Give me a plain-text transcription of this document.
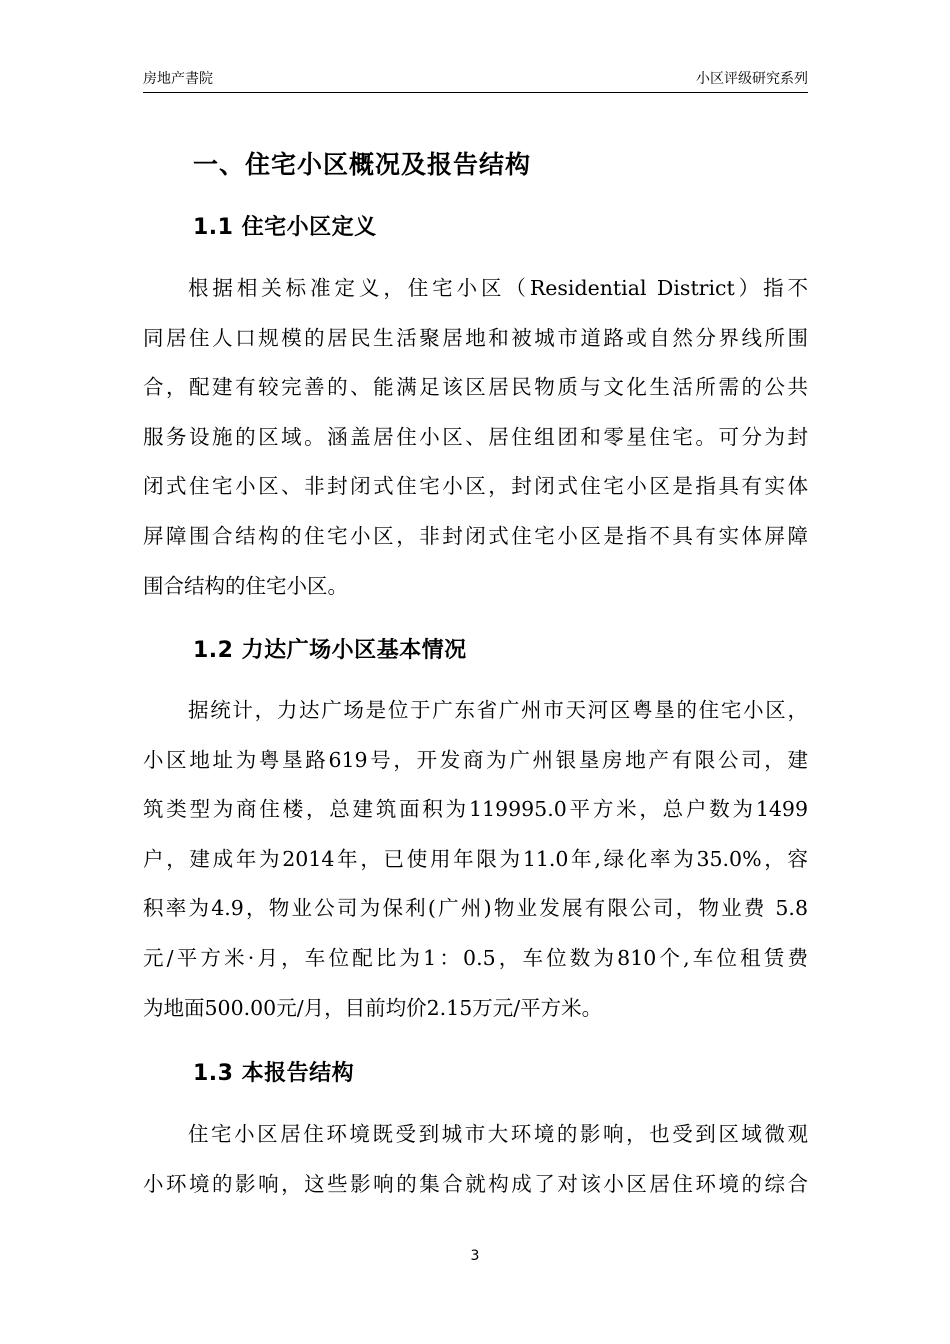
房地产書院	小区评级研究系列
一、住宅小区概况及报告结构
1.1 住宅小区定义
根据相关标准定义，住宅小区（Residential District）指不
同居住人口规模的居民生活聚居地和被城市道路或自然分界线所围
合，配建有较完善的、能满足该区居民物质与文化生活所需的公共
服务设施的区域。涵盖居住小区、居住组团和零星住宅。可分为封
闭式住宅小区、非封闭式住宅小区，封闭式住宅小区是指具有实体
屏障围合结构的住宅小区，非封闭式住宅小区是指不具有实体屏障
围合结构的住宅小区。
1.2 力达广场小区基本情况
据统计，力达广场是位于广东省广州市天河区粤垦的住宅小区，
小区地址为粤垦路619号，开发商为广州银垦房地产有限公司，建
筑类型为商住楼，总建筑面积为119995.0平方米，总户数为1499
户，建成年为2014年，已使用年限为11.0年,绿化率为35.0%，容
积率为4.9，物业公司为保利(广州)物业发展有限公司，物业费 5.8
元/平方米·月，车位配比为1：0.5，车位数为810个,车位租赁费
为地面500.00元/月，目前均价2.15万元/平方米。
1.3 本报告结构
住宅小区居住环境既受到城市大环境的影响，也受到区域微观
小环境的影响，这些影响的集合就构成了对该小区居住环境的综合
3
